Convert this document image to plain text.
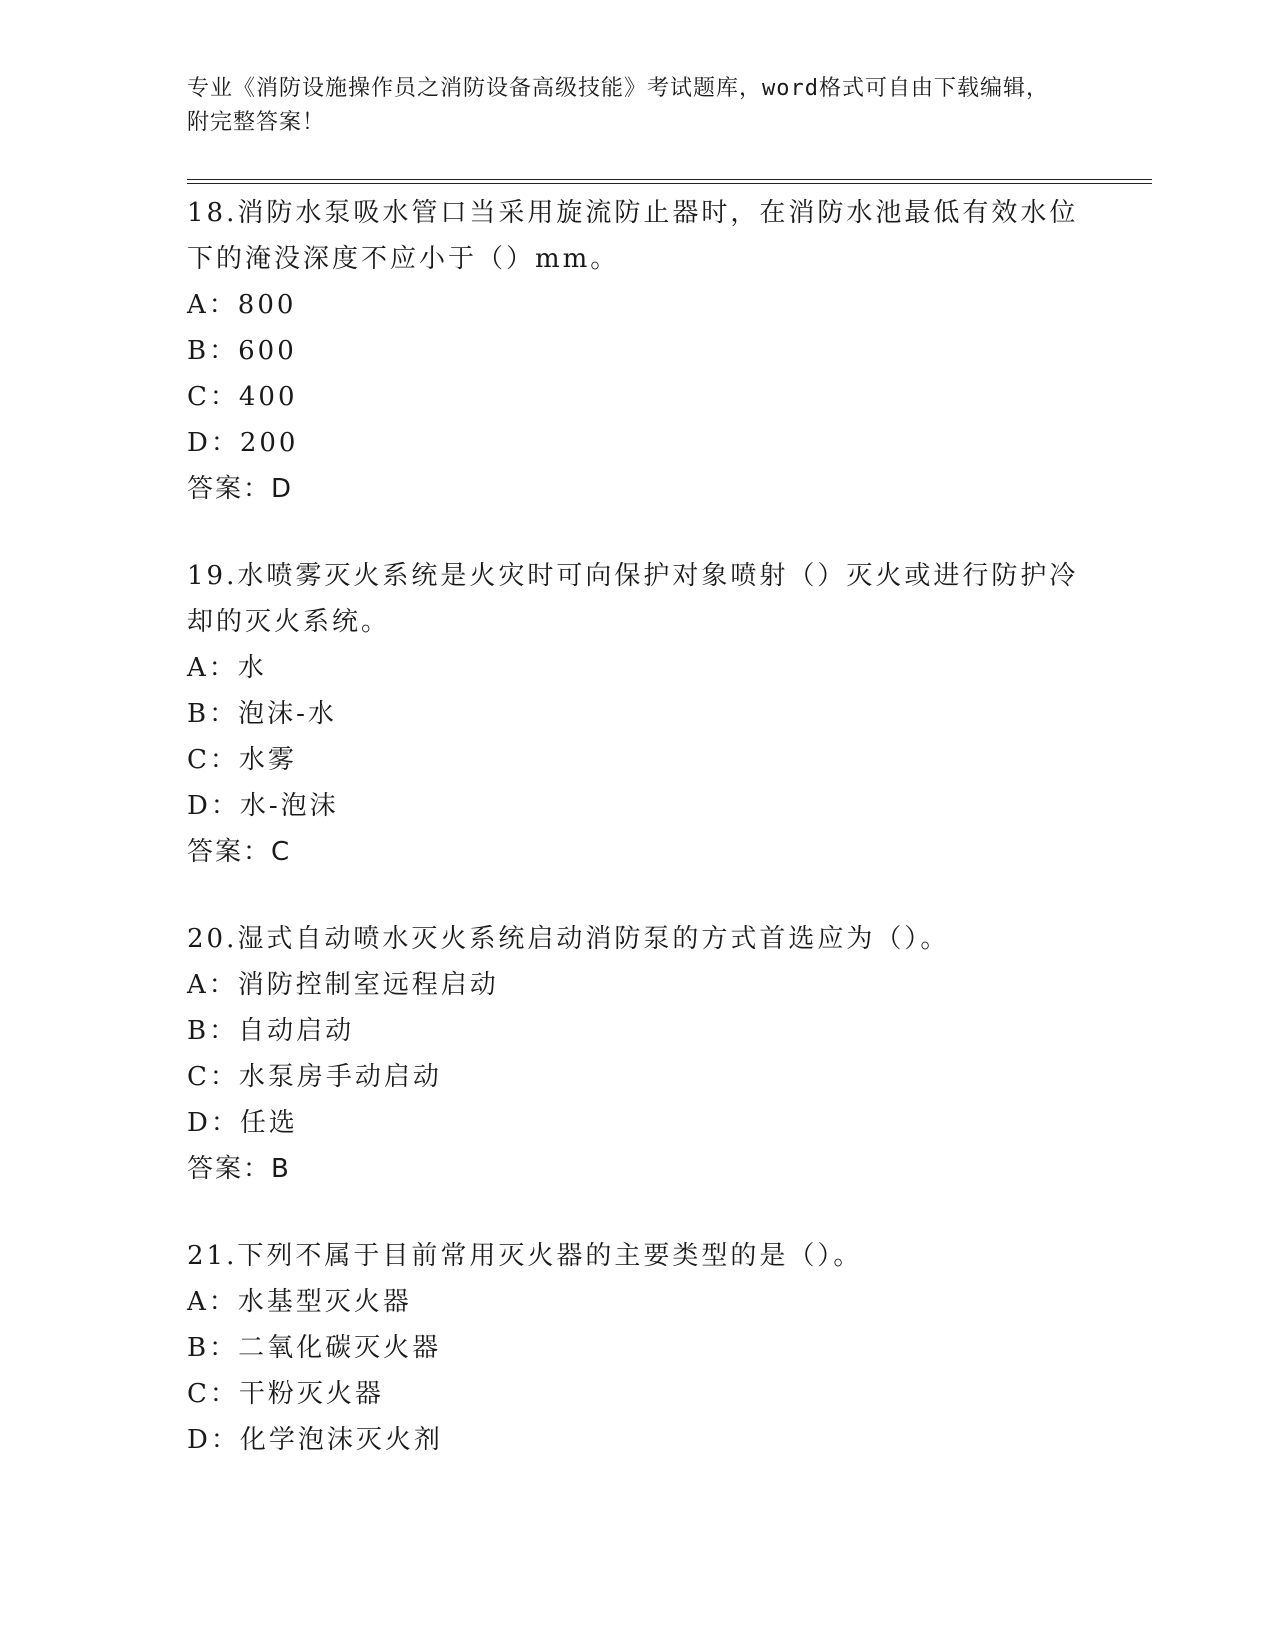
专业《消防设施操作员之消防设备高级技能》考试题库，word格式可自由下载编辑，附完整答案！

18.消防水泵吸水管口当采用旋流防止器时，在消防水池最低有效水位下的淹没深度不应小于（）mm。

A：800

B：600

C：400

D：200

答案：D

19.水喷雾灭火系统是火灾时可向保护对象喷射（）灭火或进行防护冷却的灭火系统。

A：水

B：泡沫-水

C：水雾

D：水-泡沫

答案：C

20.湿式自动喷水灭火系统启动消防泵的方式首选应为（）。

A：消防控制室远程启动

B：自动启动

C：水泵房手动启动

D：任选

答案：B

21.下列不属于目前常用灭火器的主要类型的是（）。

A：水基型灭火器

B：二氧化碳灭火器

C：干粉灭火器

D：化学泡沫灭火剂
